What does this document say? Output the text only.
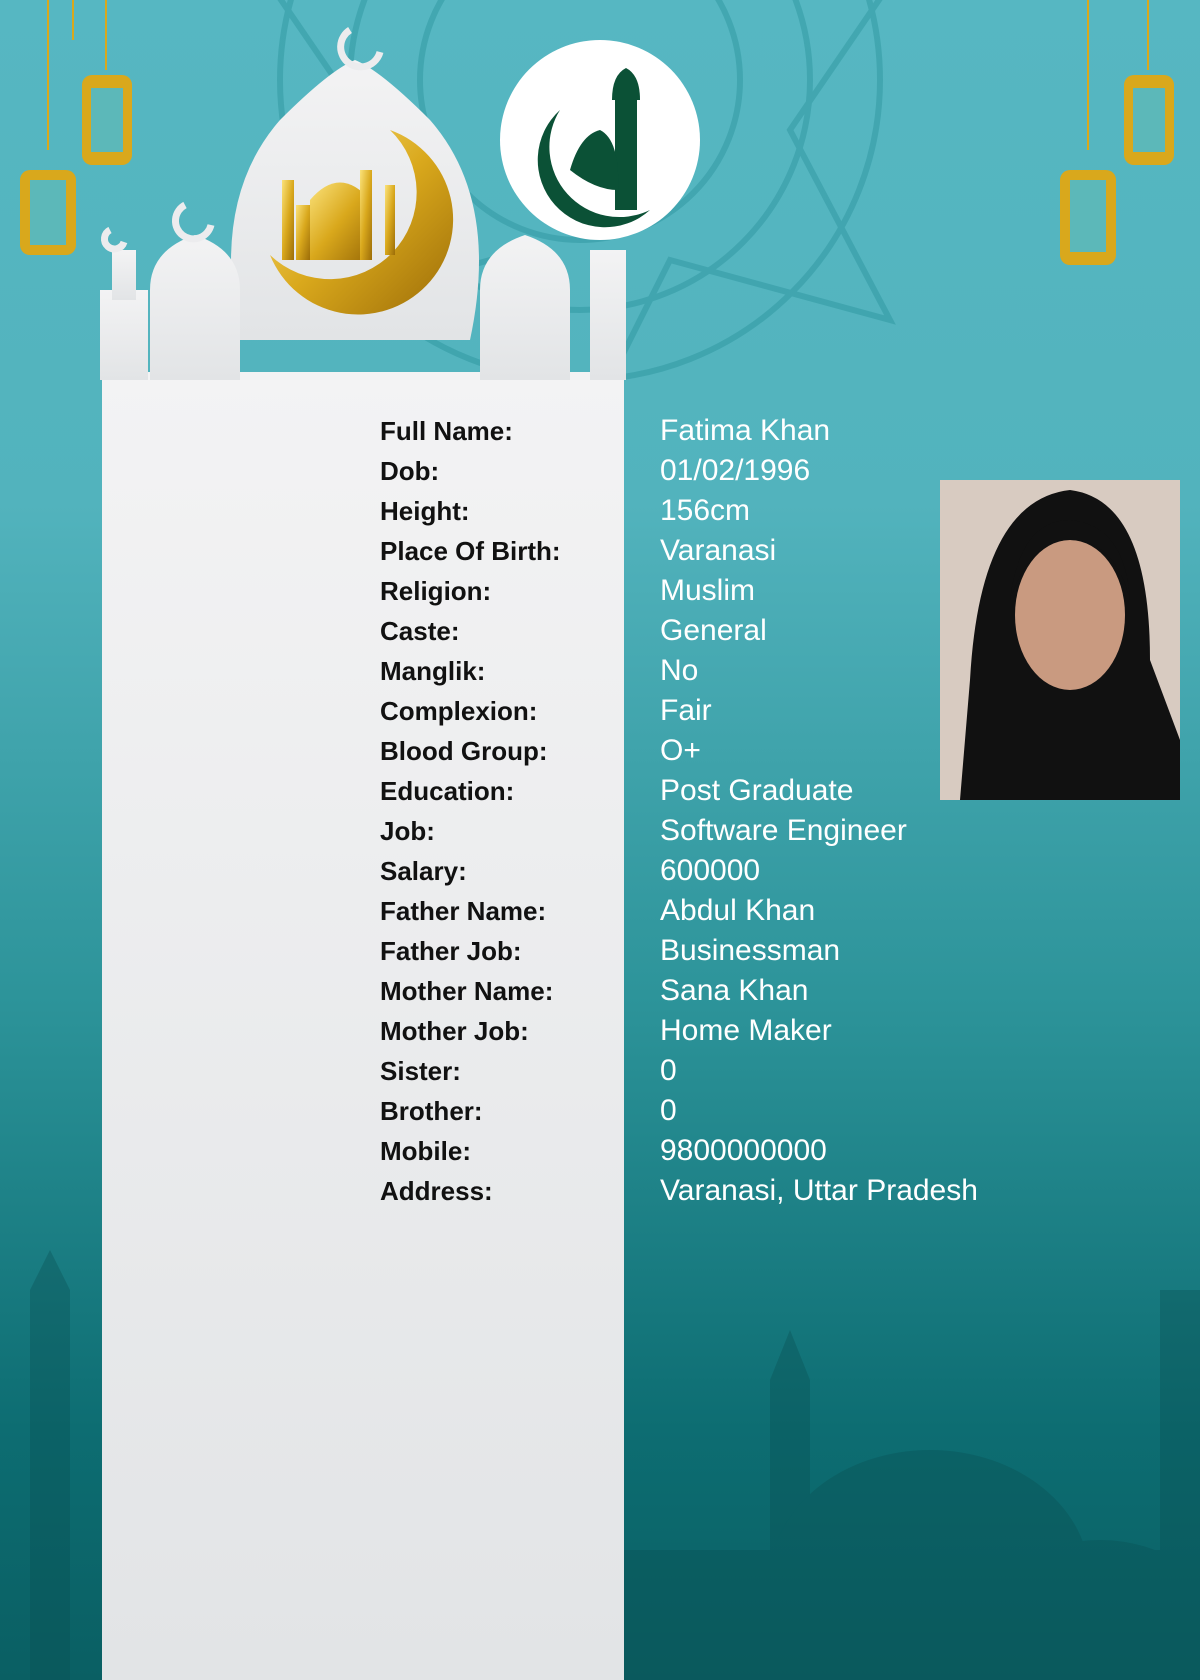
Full Name:	Fatima Khan
Dob:	01/02/1996
Height:	156cm
Place Of Birth:	Varanasi
Religion:	Muslim
Caste:	General
Manglik:	No
Complexion:	Fair
Blood Group:	O+
Education:	Post Graduate
Job:	Software Engineer
Salary:	600000
Father Name:	Abdul Khan
Father Job:	Businessman
Mother Name:	Sana Khan
Mother Job:	Home Maker
Sister:	0
Brother:	0
Mobile:	9800000000
Address:	Varanasi, Uttar Pradesh
